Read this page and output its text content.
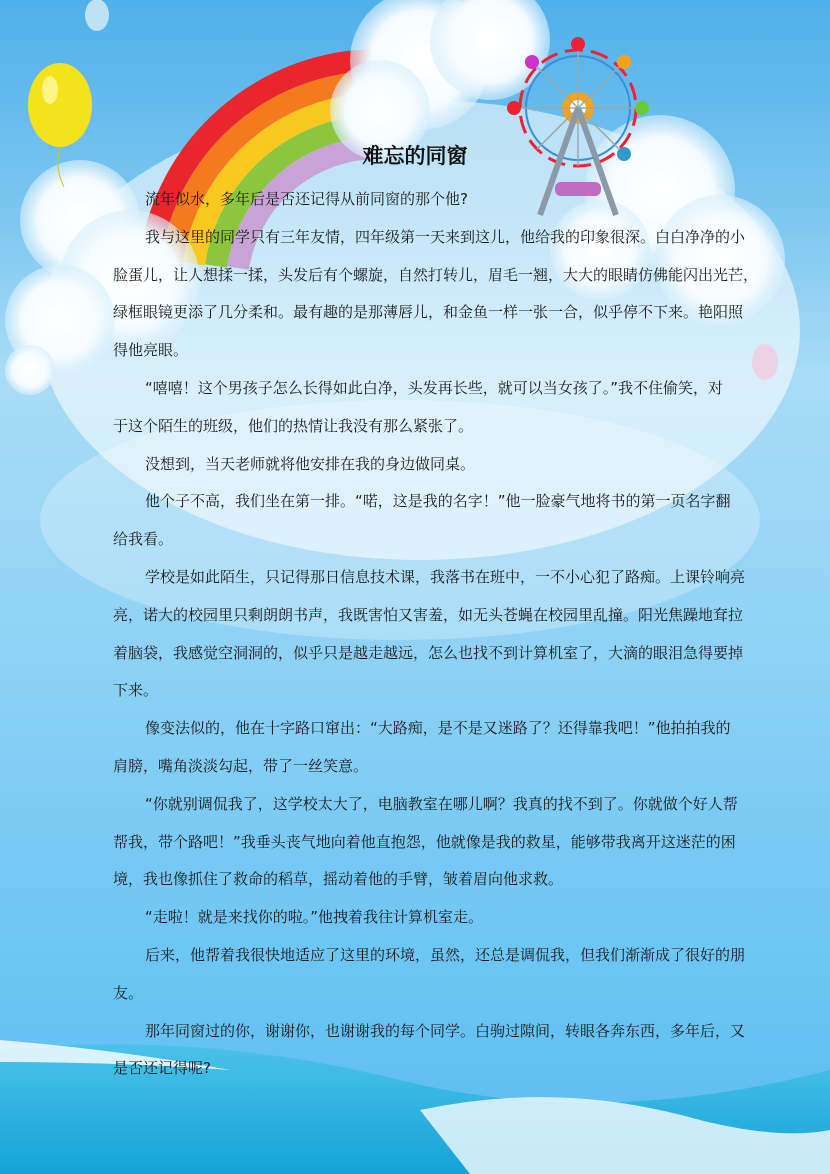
难忘的同窗
流年似水，多年后是否还记得从前同窗的那个他?
我与这里的同学只有三年友情，四年级第一天来到这儿，他给我的印象很深。白白净净的小
脸蛋儿，让人想揉一揉，头发后有个螺旋，自然打转儿，眉毛一翘，大大的眼睛仿佛能闪出光芒，
绿框眼镜更添了几分柔和。最有趣的是那薄唇儿，和金鱼一样一张一合，似乎停不下来。艳阳照
得他亮眼。
“嘻嘻！这个男孩子怎么长得如此白净，头发再长些，就可以当女孩了。”我不住偷笑，对
于这个陌生的班级，他们的热情让我没有那么紧张了。
没想到，当天老师就将他安排在我的身边做同桌。
他个子不高，我们坐在第一排。“喏，这是我的名字！”他一脸豪气地将书的第一页名字翻
给我看。
学校是如此陌生，只记得那日信息技术课，我落书在班中，一不小心犯了路痴。上课铃响亮
亮，诺大的校园里只剩朗朗书声，我既害怕又害羞，如无头苍蝇在校园里乱撞。阳光焦躁地耷拉
着脑袋，我感觉空洞洞的，似乎只是越走越远，怎么也找不到计算机室了，大滴的眼泪急得要掉
下来。
像变法似的，他在十字路口窜出：“大路痴，是不是又迷路了？还得靠我吧！”他拍拍我的
肩膀，嘴角淡淡勾起，带了一丝笑意。
“你就别调侃我了，这学校太大了，电脑教室在哪儿啊？我真的找不到了。你就做个好人帮
帮我，带个路吧！”我垂头丧气地向着他直抱怨，他就像是我的救星，能够带我离开这迷茫的困
境，我也像抓住了救命的稻草，摇动着他的手臂，皱着眉向他求救。
“走啦！就是来找你的啦。”他拽着我往计算机室走。
后来，他帮着我很快地适应了这里的环境，虽然，还总是调侃我，但我们渐渐成了很好的朋
友。
那年同窗过的你，谢谢你，也谢谢我的每个同学。白驹过隙间，转眼各奔东西，多年后，又
是否还记得呢?
